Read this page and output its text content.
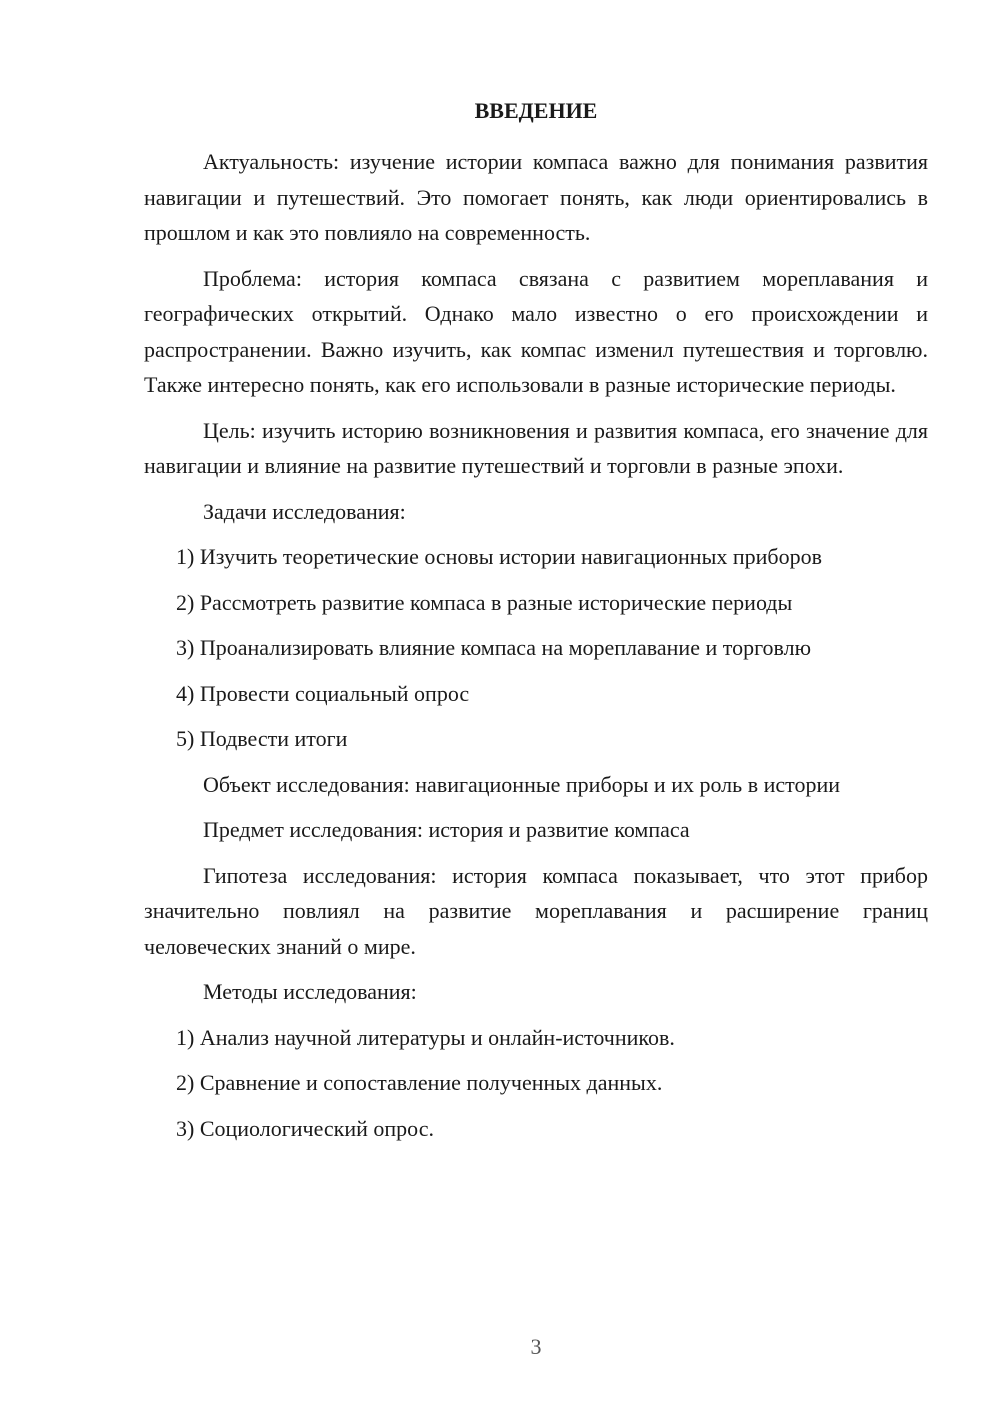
ВВЕДЕНИЕ

Актуальность: изучение истории компаса важно для понимания развития навигации и путешествий. Это помогает понять, как люди ориентировались в прошлом и как это повлияло на современность.

Проблема: история компаса связана с развитием мореплавания и географических открытий. Однако мало известно о его происхождении и распространении. Важно изучить, как компас изменил путешествия и торговлю. Также интересно понять, как его использовали в разные исторические периоды.

Цель: изучить историю возникновения и развития компаса, его значение для навигации и влияние на развитие путешествий и торговли в разные эпохи.

Задачи исследования:

1) Изучить теоретические основы истории навигационных приборов

2) Рассмотреть развитие компаса в разные исторические периоды

3) Проанализировать влияние компаса на мореплавание и торговлю

4) Провести социальный опрос

5) Подвести итоги

Объект исследования: навигационные приборы и их роль в истории

Предмет исследования: история и развитие компаса

Гипотеза исследования: история компаса показывает, что этот прибор значительно повлиял на развитие мореплавания и расширение границ человеческих знаний о мире.

Методы исследования:

1) Анализ научной литературы и онлайн-источников.

2) Сравнение и сопоставление полученных данных.

3) Социологический опрос.

3
